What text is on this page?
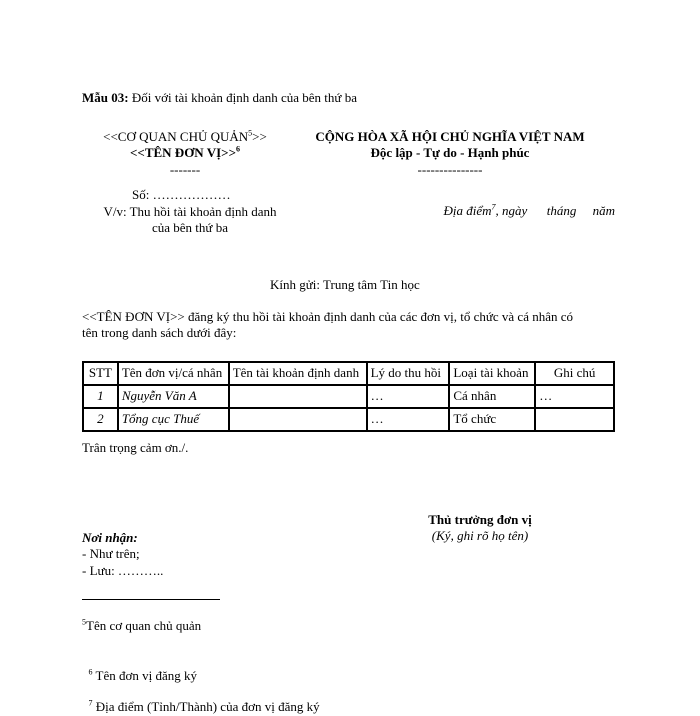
Mẫu 03: Đối với tài khoản định danh của bên thứ ba
<<CƠ QUAN CHỦ QUẢN$^5$>>
<<TÊN ĐƠN VỊ>>$^6$
-------
Số: ………………
V/v: Thu hồi tài khoản định danh
của bên thứ ba
CỘNG HÒA XÃ HỘI CHỦ NGHĨA VIỆT NAM
Độc lập - Tự do - Hạnh phúc
---------------

Địa điểm$^7$, ngày      tháng     năm

Kính gửi: Trung tâm Tin học
<<TÊN ĐƠN VỊ>> đăng ký thu hồi tài khoản định danh của các đơn vị, tổ chức và cá nhân có
tên trong danh sách dưới đây:
STT	Tên đơn vị/cá nhân	Tên tài khoản định danh	Lý do thu hồi	Loại tài khoản	Ghi chú
1	Nguyễn Văn A		…	Cá nhân	…
2	Tổng cục Thuế		…	Tổ chức	
Trân trọng cảm ơn./.
Thủ trưởng đơn vị
(Ký, ghi rõ họ tên)
Nơi nhận:
- Như trên;
- Lưu: ………..
$^5$Tên cơ quan chủ quản

$^6$ Tên đơn vị đăng ký

$^7$ Địa điểm (Tỉnh/Thành) của đơn vị đăng ký
